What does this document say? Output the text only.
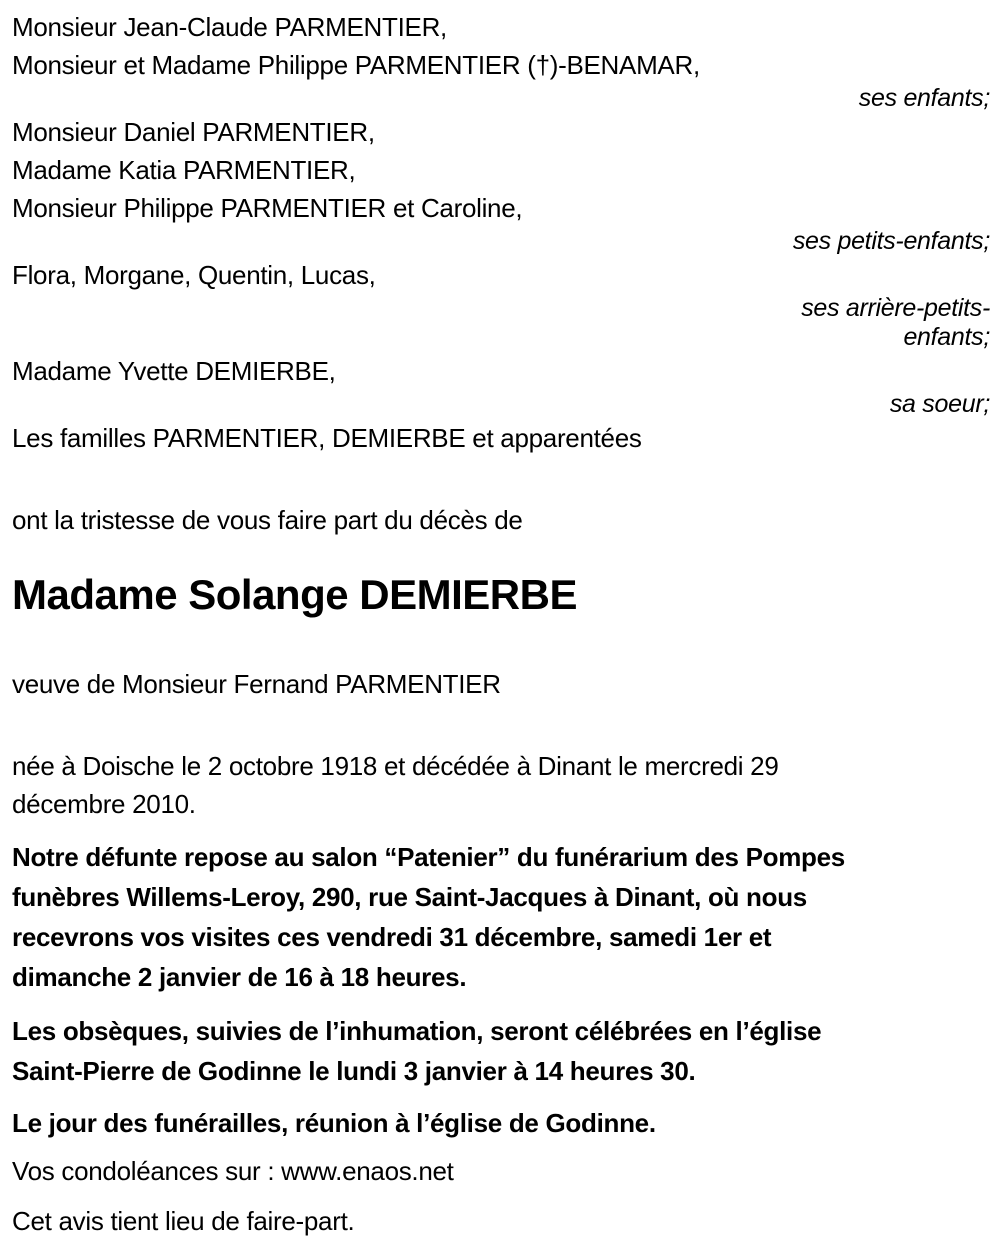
Monsieur Jean-Claude PARMENTIER,

Monsieur et Madame Philippe PARMENTIER (†)-BENAMAR,

ses enfants;

Monsieur Daniel PARMENTIER,

Madame Katia PARMENTIER,

Monsieur Philippe PARMENTIER et Caroline,

ses petits-enfants;

Flora, Morgane, Quentin, Lucas,

ses arrière-petits-

enfants;

Madame Yvette DEMIERBE,

sa soeur;

Les familles PARMENTIER, DEMIERBE et apparentées

ont la tristesse de vous faire part du décès de

Madame Solange DEMIERBE

veuve de Monsieur Fernand PARMENTIER

née à Doische le 2 octobre 1918 et décédée à Dinant le mercredi 29
décembre 2010.
Notre défunte repose au salon “Patenier” du funérarium des Pompes
funèbres Willems-Leroy, 290, rue Saint-Jacques à Dinant, où nous
recevrons vos visites ces vendredi 31 décembre, samedi 1er et
dimanche 2 janvier de 16 à 18 heures.
Les obsèques, suivies de l’inhumation, seront célébrées en l’église
Saint-Pierre de Godinne le lundi 3 janvier à 14 heures 30.

Le jour des funérailles, réunion à l’église de Godinne.

Vos condoléances sur : www.enaos.net

Cet avis tient lieu de faire-part.
